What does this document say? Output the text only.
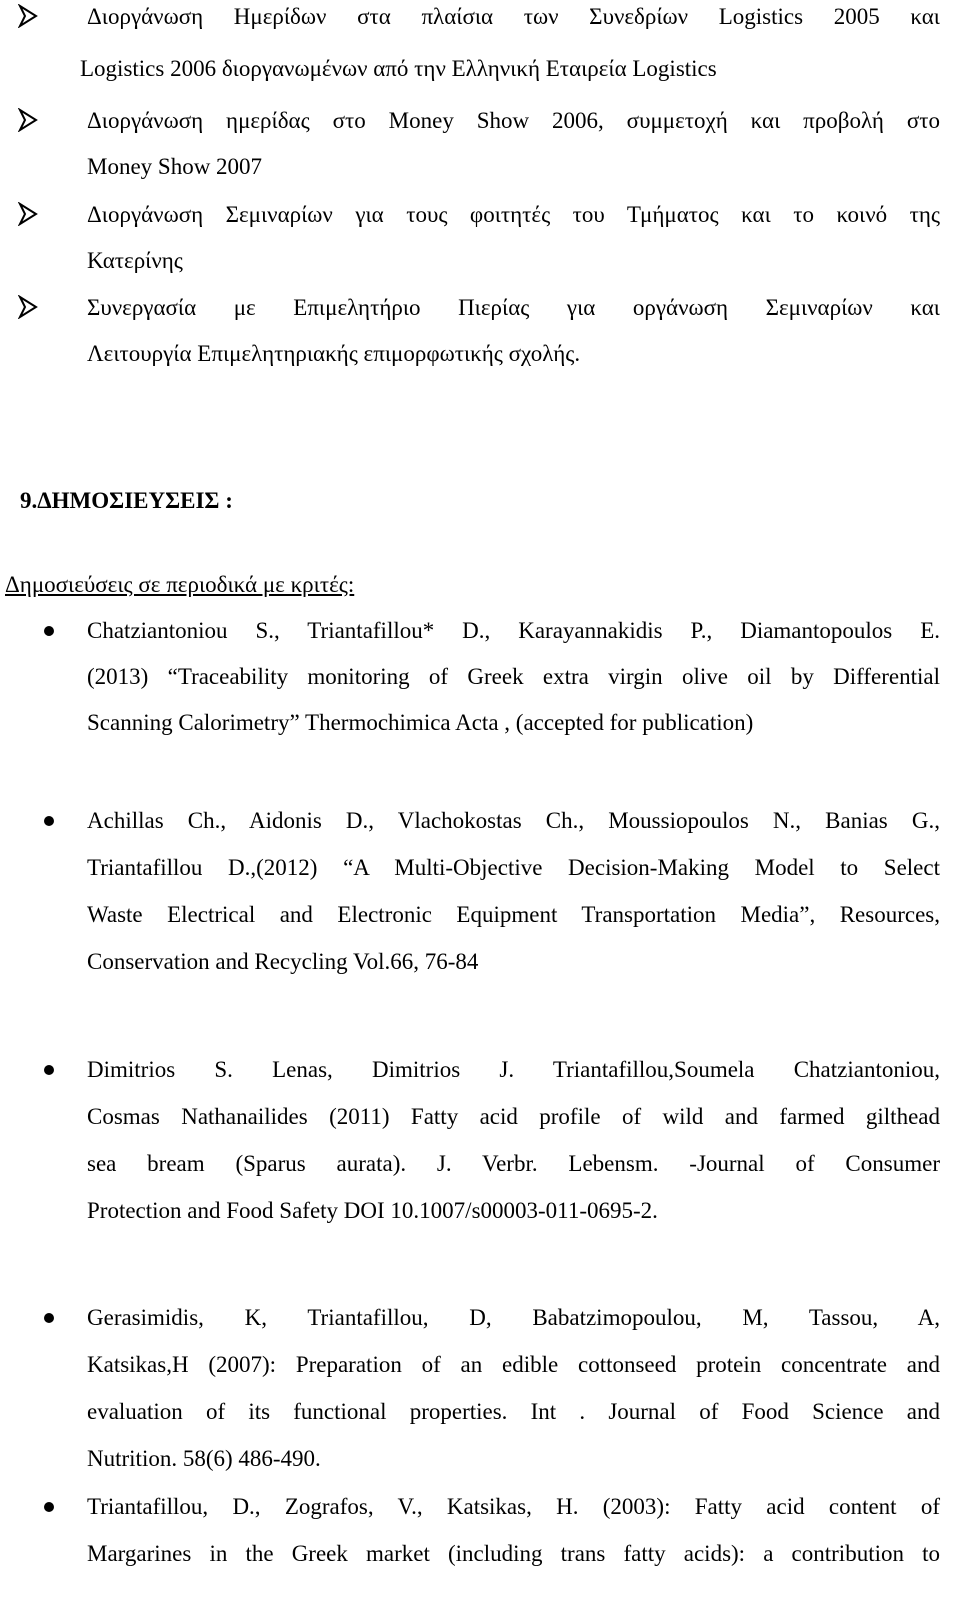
Διοργάνωση Ημερίδων στα πλαίσια των Συνεδρίων Logistics 2005 και
Logistics 2006 διοργανωμένων από την Ελληνική Εταιρεία Logistics
Διοργάνωση ημερίδας στο Money Show 2006, συμμετοχή και προβολή στο
Money Show 2007
Διοργάνωση Σεμιναρίων για τους φοιτητές του Τμήματος και το κοινό της
Κατερίνης
Συνεργασία με Επιμελητήριο Πιερίας για οργάνωση Σεμιναρίων και
Λειτουργία Επιμελητηριακής επιμορφωτικής σχολής.
9.ΔΗΜΟΣΙΕΥΣΕΙΣ :
Δημοσιεύσεις σε περιοδικά με κριτές:
Chatziantoniou S., Triantafillou* D., Karayannakidis P., Diamantopoulos E.
(2013) “Traceability monitoring of Greek extra virgin olive oil by Differential
Scanning Calorimetry” Thermochimica Acta , (accepted for publication)
Achillas Ch., Aidonis D., Vlachokostas Ch., Moussiopoulos N., Banias G.,
Triantafillou D.,(2012) “A Multi-Objective Decision-Making Model to Select
Waste Electrical and Electronic Equipment Transportation Media”, Resources,
Conservation and Recycling Vol.66, 76-84
Dimitrios S. Lenas, Dimitrios J. Triantafillou,Soumela Chatziantoniou,
Cosmas Nathanailides (2011) Fatty acid profile of wild and farmed gilthead
sea bream (Sparus aurata). J. Verbr. Lebensm. -Journal of Consumer
Protection and Food Safety DOI 10.1007/s00003-011-0695-2.
Gerasimidis, K, Triantafillou, D, Babatzimopoulou, M, Tassou, A,
Katsikas,H (2007): Preparation of an edible cottonseed protein concentrate and
evaluation of its functional properties. Int . Journal of Food Science and
Nutrition. 58(6) 486-490.
Triantafillou, D., Zografos, V., Katsikas, H. (2003): Fatty acid content of
Margarines in the Greek market (including trans fatty acids): a contribution to
